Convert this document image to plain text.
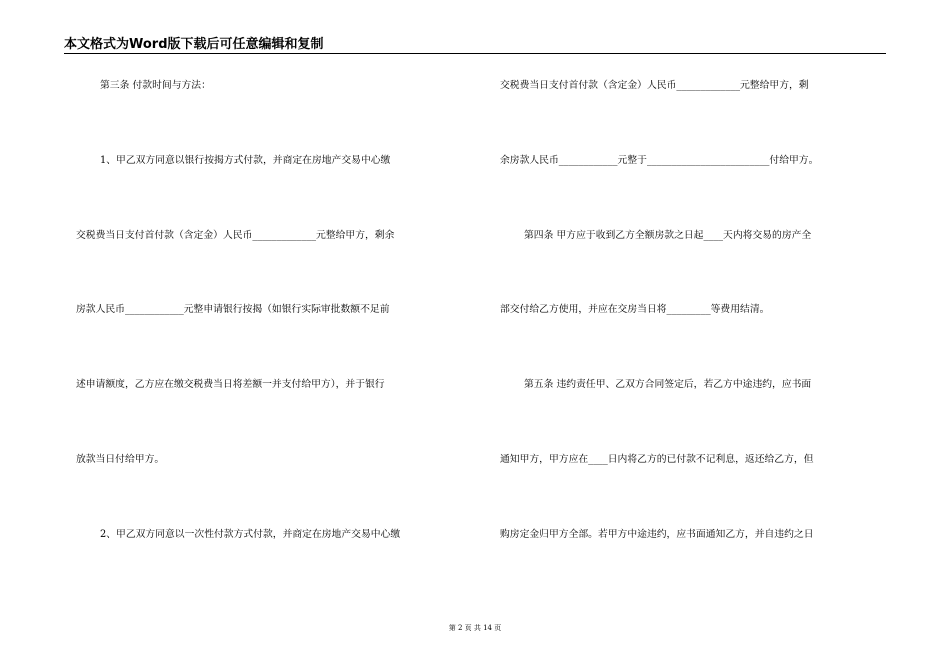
本文格式为Word版下载后可任意编辑和复制
第三条 付款时间与方法：
1、甲乙双方同意以银行按揭方式付款，并商定在房地产交易中心缴
交税费当日支付首付款（含定金）人民币_____________元整给甲方，剩余
房款人民币____________元整申请银行按揭（如银行实际审批数额不足前
述申请额度，乙方应在缴交税费当日将差额一并支付给甲方），并于银行
放款当日付给甲方。
2、甲乙双方同意以一次性付款方式付款，并商定在房地产交易中心缴
交税费当日支付首付款（含定金）人民币_____________元整给甲方，剩
余房款人民币____________元整于_________________________付给甲方。
第四条 甲方应于收到乙方全额房款之日起____天内将交易的房产全
部交付给乙方使用，并应在交房当日将_________等费用结清。
第五条 违约责任甲、乙双方合同签定后，若乙方中途违约，应书面
通知甲方，甲方应在____日内将乙方的已付款不记利息，返还给乙方，但
购房定金归甲方全部。若甲方中途违约，应书面通知乙方，并自违约之日
第 2 页 共 14 页
